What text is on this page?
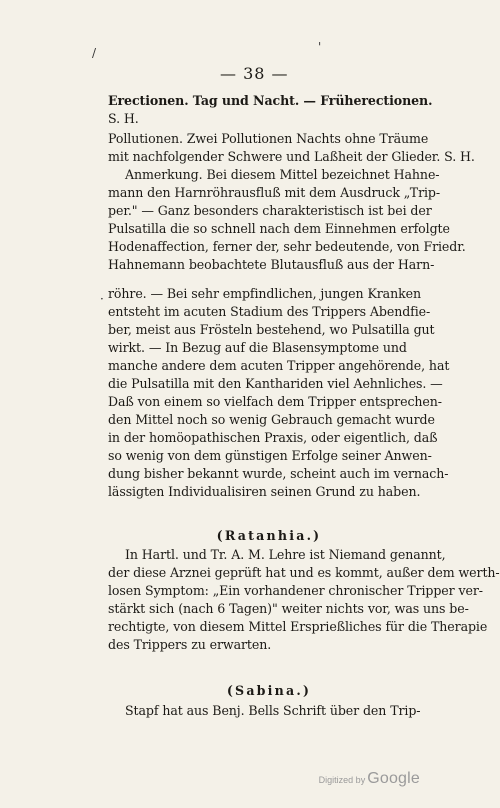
/	'
·
— 38 —
Erectionen. Tag und Nacht. — Früherectionen.
S. H.
Pollutionen. Zwei Pollutionen Nachts ohne Träume
mit nachfolgender Schwere und Laßheit der Glieder. S. H.
Anmerkung. Bei diesem Mittel bezeichnet Hahne-
mann den Harnröhrausfluß mit dem Ausdruck „Trip-
per." — Ganz besonders charakteristisch ist bei der
Pulsatilla die so schnell nach dem Einnehmen erfolgte
Hodenaffection, ferner der, sehr bedeutende, von Friedr.
Hahnemann beobachtete Blutausfluß aus der Harn-
röhre. — Bei sehr empfindlichen, jungen Kranken
entsteht im acuten Stadium des Trippers Abendfie-
ber, meist aus Frösteln bestehend, wo Pulsatilla gut
wirkt. — In Bezug auf die Blasensymptome und
manche andere dem acuten Tripper angehörende, hat
die Pulsatilla mit den Kanthariden viel Aehnliches. —
Daß von einem so vielfach dem Tripper entsprechen-
den Mittel noch so wenig Gebrauch gemacht wurde
in der homöopathischen Praxis, oder eigentlich, daß
so wenig von dem günstigen Erfolge seiner Anwen-
dung bisher bekannt wurde, scheint auch im vernach-
lässigten Individualisiren seinen Grund zu haben.
(Ratanhia.)
In Hartl. und Tr. A. M. Lehre ist Niemand genannt,
der diese Arznei geprüft hat und es kommt, außer dem werth-
losen Symptom: „Ein vorhandener chronischer Tripper ver-
stärkt sich (nach 6 Tagen)" weiter nichts vor, was uns be-
rechtigte, von diesem Mittel Ersprießliches für die Therapie
des Trippers zu erwarten.
(Sabina.)
Stapf hat aus Benj. Bells Schrift über den Trip-
Digitized by Google
